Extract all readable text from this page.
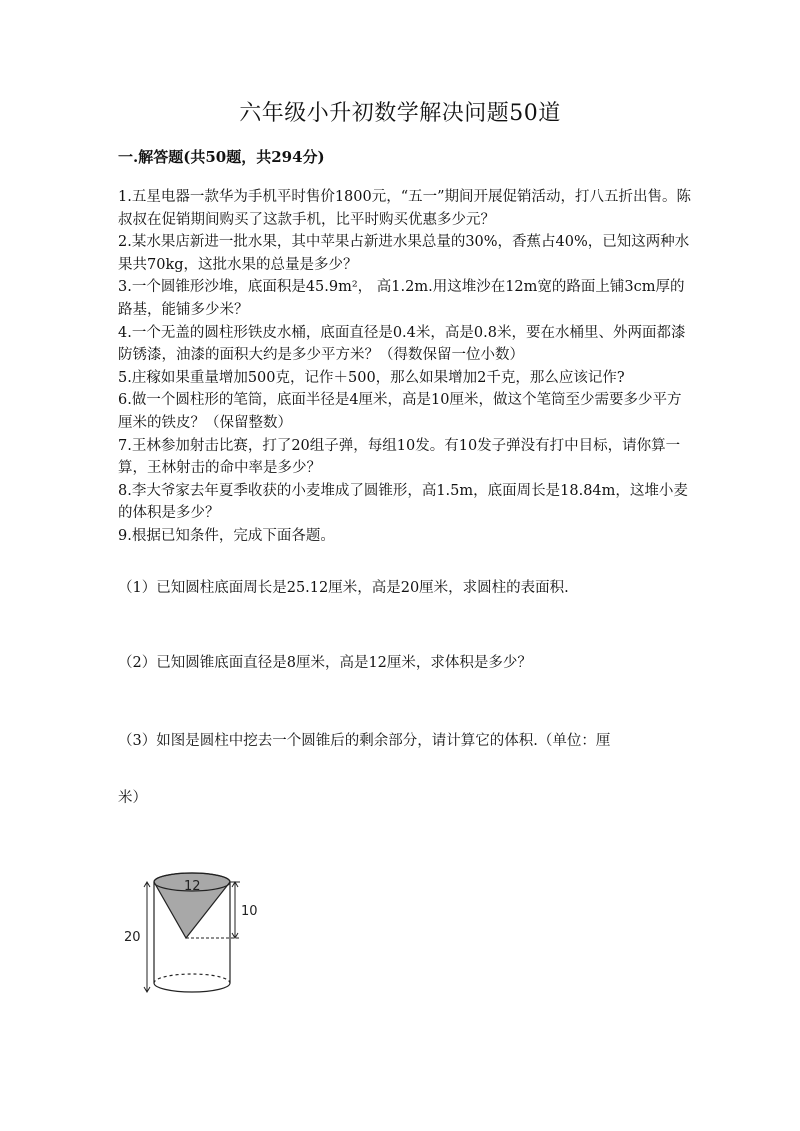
六年级小升初数学解决问题50道
一.解答题(共50题，共294分)
1.五星电器一款华为手机平时售价1800元，“五一”期间开展促销活动，打八五折出售。陈叔叔在促销期间购买了这款手机，比平时购买优惠多少元？
2.某水果店新进一批水果，其中苹果占新进水果总量的30%，香蕉占40%，已知这两种水果共70kg，这批水果的总量是多少？
3.一个圆锥形沙堆，底面积是45.9m²， 高1.2m.用这堆沙在12m宽的路面上铺3cm厚的路基，能铺多少米？
4.一个无盖的圆柱形铁皮水桶，底面直径是0.4米，高是0.8米，要在水桶里、外两面都漆防锈漆，油漆的面积大约是多少平方米？（得数保留一位小数）
5.庄稼如果重量增加500克，记作＋500，那么如果增加2千克，那么应该记作?
6.做一个圆柱形的笔筒，底面半径是4厘米，高是10厘米，做这个笔筒至少需要多少平方厘米的铁皮？（保留整数）
7.王林参加射击比赛，打了20组子弹，每组10发。有10发子弹没有打中目标，请你算一算，王林射击的命中率是多少？
8.李大爷家去年夏季收获的小麦堆成了圆锥形，高1.5m，底面周长是18.84m，这堆小麦的体积是多少？
9.根据已知条件，完成下面各题。

（1）已知圆柱底面周长是25.12厘米，高是20厘米，求圆柱的表面积.

（2）已知圆锥底面直径是8厘米，高是12厘米，求体积是多少？

（3）如图是圆柱中挖去一个圆锥后的剩余部分，请计算它的体积.（单位：厘

米）

12
10
20
